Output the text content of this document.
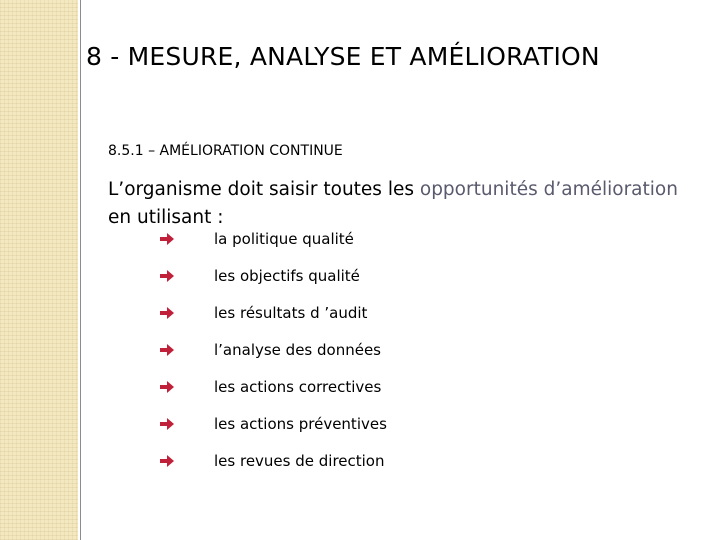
8 - MESURE, ANALYSE ET AMÉLIORATION
8.5.1 – AMÉLIORATION CONTINUE
L’organisme doit saisir toutes les opportunités d’amélioration
en utilisant :
la politique qualité
les objectifs qualité
les résultats d ’audit
l’analyse des données
les actions correctives
les actions préventives
les revues de direction
